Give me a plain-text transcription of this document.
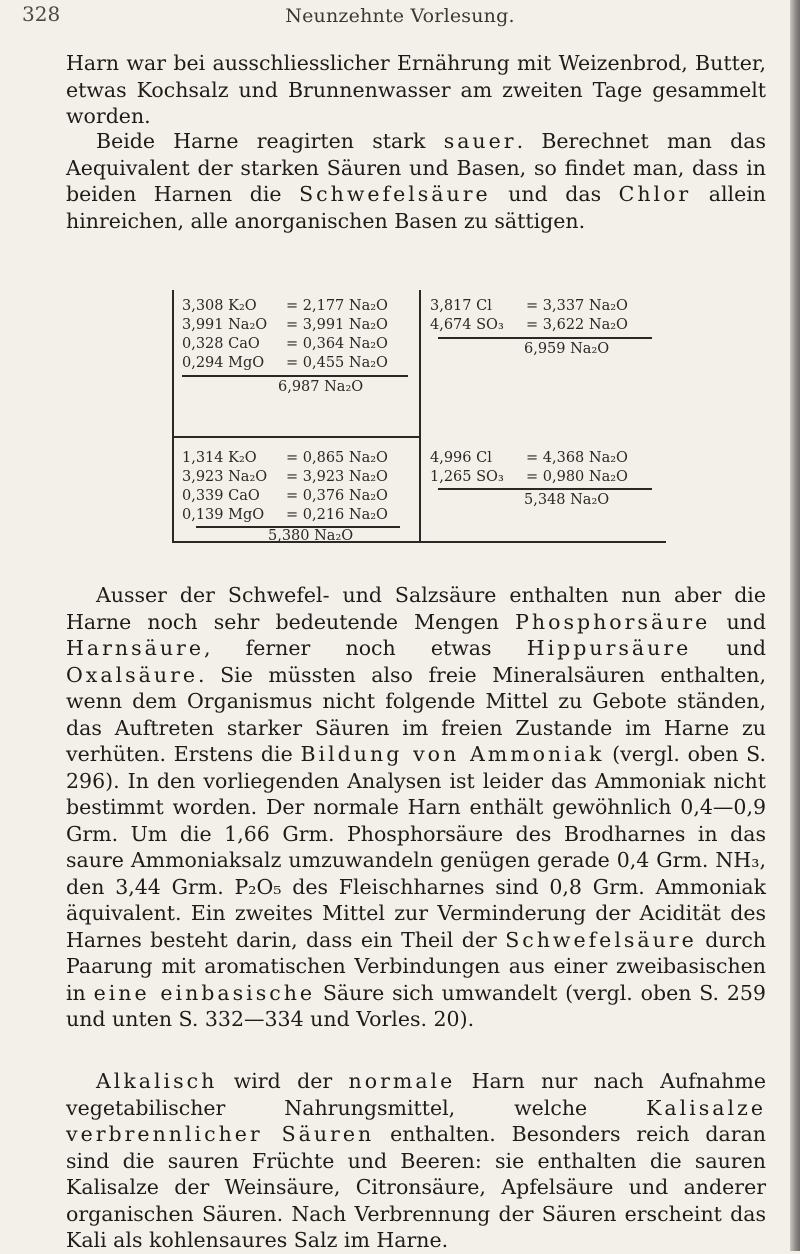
328	Neunzehnte Vorlesung.

Harn war bei ausschliesslicher Ernährung mit Weizenbrod, Butter, etwas Kochsalz und Brunnenwasser am zweiten Tage gesammelt worden.

Beide Harne reagirten stark sauer. Berechnet man das Aequivalent der starken Säuren und Basen, so findet man, dass in beiden Harnen die Schwefelsäure und das Chlor allein hinreichen, alle anorganischen Basen zu sättigen.

3,308 K₂O = 2,177 Na₂O
3,991 Na₂O = 3,991 Na₂O
0,328 CaO = 0,364 Na₂O
0,294 MgO = 0,455 Na₂O
6,987 Na₂O
1,314 K₂O = 0,865 Na₂O
3,923 Na₂O = 3,923 Na₂O
0,339 CaO = 0,376 Na₂O
0,139 MgO = 0,216 Na₂O
5,380 Na₂O
3,817 Cl = 3,337 Na₂O
4,674 SO₃ = 3,622 Na₂O
6,959 Na₂O
4,996 Cl = 4,368 Na₂O
1,265 SO₃ = 0,980 Na₂O
5,348 Na₂O

Ausser der Schwefel- und Salzsäure enthalten nun aber die Harne noch sehr bedeutende Mengen Phosphorsäure und Harnsäure, ferner noch etwas Hippursäure und Oxalsäure. Sie müssten also freie Mineralsäuren enthalten, wenn dem Organismus nicht folgende Mittel zu Gebote ständen, das Auftreten starker Säuren im freien Zustande im Harne zu verhüten. Erstens die Bildung von Ammoniak (vergl. oben S. 296). In den vorliegenden Analysen ist leider das Ammoniak nicht bestimmt worden. Der normale Harn enthält gewöhnlich 0,4—0,9 Grm. Um die 1,66 Grm. Phosphorsäure des Brodharnes in das saure Ammoniaksalz umzuwandeln genügen gerade 0,4 Grm. NH₃, den 3,44 Grm. P₂O₅ des Fleischharnes sind 0,8 Grm. Ammoniak äquivalent. Ein zweites Mittel zur Verminderung der Acidität des Harnes besteht darin, dass ein Theil der Schwefelsäure durch Paarung mit aromatischen Verbindungen aus einer zweibasischen in eine einbasische Säure sich umwandelt (vergl. oben S. 259 und unten S. 332—334 und Vorles. 20).

Alkalisch wird der normale Harn nur nach Aufnahme vegetabilischer Nahrungsmittel, welche	Kalisalze verbrennlicher Säuren enthalten. Besonders reich daran sind die sauren Früchte und Beeren: sie enthalten die sauren Kalisalze der Weinsäure, Citronsäure, Apfelsäure und anderer organischen Säuren. Nach Verbrennung der Säuren erscheint das Kali als kohlensaures Salz im Harne.
